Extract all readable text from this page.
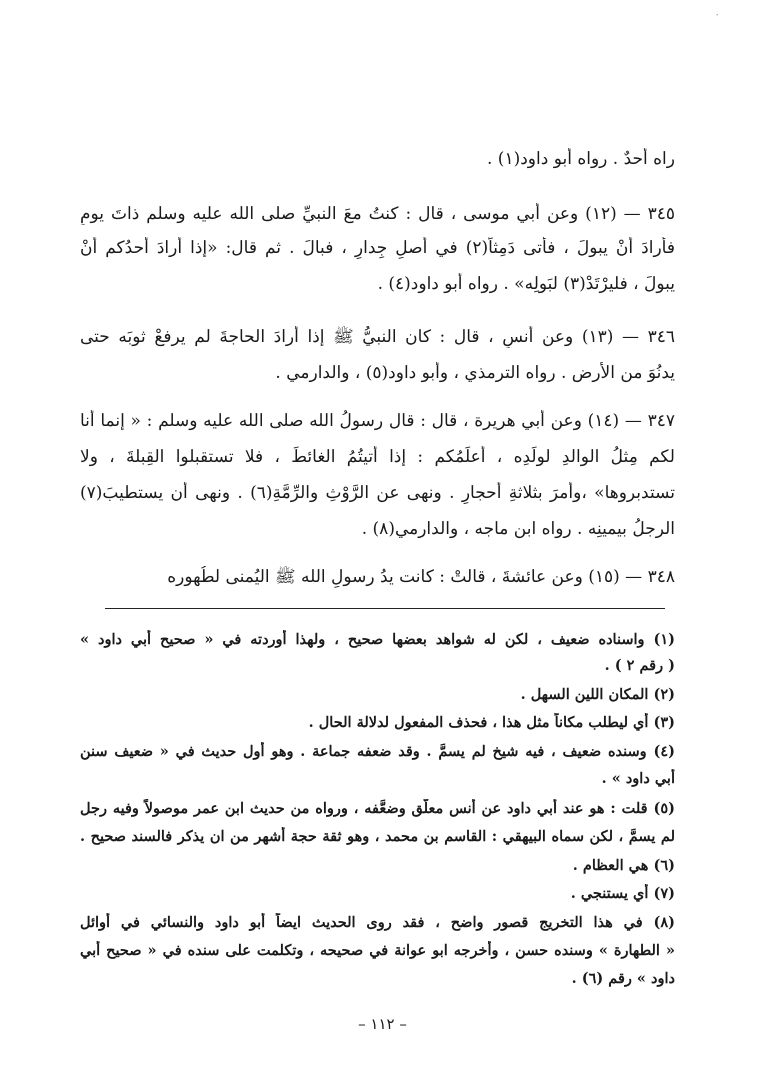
٠
راه أحدٌ . رواه أبو داود(١) .
٣٤٥ — (١٢) وعن أبي موسى ، قال : كنتُ معَ النبيِّ صلى الله عليه وسلم ذاتَ يومٍ
فأرادَ أنْ يبولَ ، فأتى دَمِثاً(٢) في أصلِ جِدارٍ ، فبالَ . ثم قال: «إذا أرادَ أحدُكم أنْ
يبولَ ، فليرْتَدْ(٣) لبَولِه» . رواه أبو داود(٤) .
٣٤٦ — (١٣) وعن أنسٍ ، قال : كان النبيُّ ﷺ إذا أرادَ الحاجةَ لم يرفعْ ثوبَه حتى
يدنُوَ من الأرضِ . رواه الترمذي ، وأبو داود(٥) ، والدارمي .
٣٤٧ — (١٤) وعن أبي هريرة ، قال : قال رسولُ الله صلى الله عليه وسلم : « إنما أنا
لكم مِثلُ الوالدِ لولَدِه ، أعلِّمُكم : إذا أتيتُمُ الغائطَ ، فلا تستقبلوا القِبلةَ ، ولا
تستدبروها» ،وأمرَ بثلاثةِ أحجارٍ . ونهى عن الرَّوْثِ والرِّمَّةِ(٦) . ونهى أن يستطيبَ(٧)
الرجلُ بيمينِه . رواه ابن ماجه ، والدارمي(٨) .
٣٤٨ — (١٥) وعن عائشةَ ، قالتْ : كانت يدُ رسولِ الله ﷺ اليُمنى لطُهوره
(١) واسناده ضعيف ، لكن له شواهد بعضها صحيح ، ولهذا أوردته في « صحيح أبي داود »
( رقم ٢ ) .
(٢) المكان اللين السهل .
(٣) أي ليطلب مكاناً مثل هذا ، فحذف المفعول لدلالة الحال .
(٤) وسنده ضعيف ، فيه شيخ لم يسمَّ . وقد ضعفه جماعة . وهو أول حديث في « ضعيف سنن
أبي داود » .
(٥) قلت : هو عند أبي داود عن أنس معلَّق وضعَّفه ، ورواه من حديث ابن عمر موصولاً وفيه رجل
لم يسمَّ ، لكن سماه البيهقي : القاسم بن محمد ، وهو ثقة حجة أشهر من ان يذكر فالسند صحيح .
(٦) هي العظام .
(٧) أي يستنجي .
(٨) في هذا التخريج قصور واضح ، فقد روى الحديث ايضاً أبو داود والنسائي في أوائل
« الطهارة » وسنده حسن ، وأخرجه ابو عوانة في صحيحه ، وتكلمت على سنده في « صحيح أبي
داود » رقم (٦) .
– ١١٢ –
